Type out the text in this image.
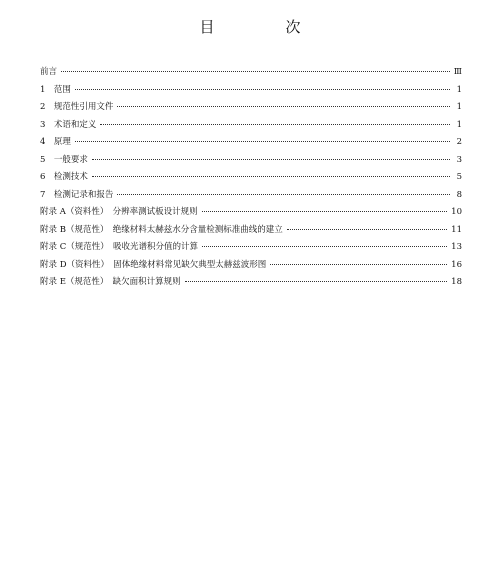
目　次
前言	Ⅲ
1　范围	1
2　规范性引用文件	1
3　术语和定义	1
4　原理	2
5　一般要求	3
6　检测技术	5
7　检测记录和报告	8
附录 A（资料性）　分辨率测试板设计规则	10
附录 B（规范性）　绝缘材料太赫兹水分含量检测标准曲线的建立	11
附录 C（规范性）　吸收光谱积分值的计算	13
附录 D（资料性）　固体绝缘材料常见缺欠典型太赫兹波形图	16
附录 E（规范性）　缺欠面积计算规则	18
